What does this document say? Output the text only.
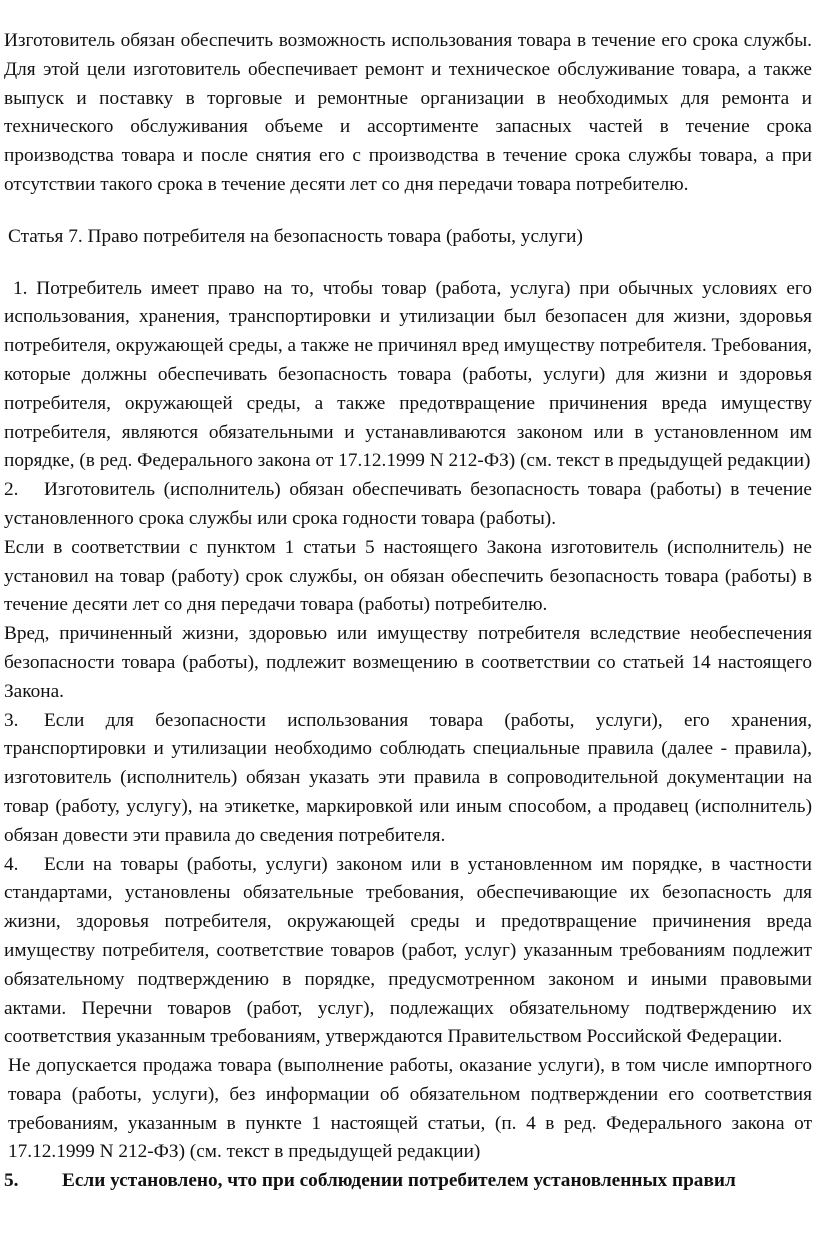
Изготовитель обязан обеспечить возможность использования товара в течение его срока службы. Для этой цели изготовитель обеспечивает ремонт и техническое обслуживание товара, а также выпуск и поставку в торговые и ремонтные организации в необходимых для ремонта и технического обслуживания объеме и ассортименте запасных частей в течение срока производства товара и после снятия его с производства в течение срока службы товара, а при отсутствии такого срока в течение десяти лет со дня передачи товара потребителю.

Статья 7. Право потребителя на безопасность товара (работы, услуги)

1. Потребитель имеет право на то, чтобы товар (работа, услуга) при обычных условиях его использования, хранения, транспортировки и утилизации был безопасен для жизни, здоровья потребителя, окружающей среды, а также не причинял вред имуществу потребителя. Требования, которые должны обеспечивать безопасность товара (работы, услуги) для жизни и здоровья потребителя, окружающей среды, а также предотвращение причинения вреда имуществу потребителя, являются обязательными и устанавливаются законом или в установленном им порядке, (в ред. Федерального закона от 17.12.1999 N 212-ФЗ) (см. текст в предыдущей редакции)

2. Изготовитель (исполнитель) обязан обеспечивать безопасность товара (работы) в течение установленного срока службы или срока годности товара (работы).

Если в соответствии с пунктом 1 статьи 5 настоящего Закона изготовитель (исполнитель) не установил на товар (работу) срок службы, он обязан обеспечить безопасность товара (работы) в течение десяти лет со дня передачи товара (работы) потребителю.

Вред, причиненный жизни, здоровью или имуществу потребителя вследствие необеспечения безопасности товара (работы), подлежит возмещению в соответствии со статьей 14 настоящего Закона.

3. Если для безопасности использования товара (работы, услуги), его хранения, транспортировки и утилизации необходимо соблюдать специальные правила (далее - правила), изготовитель (исполнитель) обязан указать эти правила в сопроводительной документации на товар (работу, услугу), на этикетке, маркировкой или иным способом, а продавец (исполнитель) обязан довести эти правила до сведения потребителя.

4. Если на товары (работы, услуги) законом или в установленном им порядке, в частности стандартами, установлены обязательные требования, обеспечивающие их безопасность для жизни, здоровья потребителя, окружающей среды и предотвращение причинения вреда имуществу потребителя, соответствие товаров (работ, услуг) указанным требованиям подлежит обязательному подтверждению в порядке, предусмотренном законом и иными правовыми актами. Перечни товаров (работ, услуг), подлежащих обязательному подтверждению их соответствия указанным требованиям, утверждаются Правительством Российской Федерации.

Не допускается продажа товара (выполнение работы, оказание услуги), в том числе импортного товара (работы, услуги), без информации об обязательном подтверждении его соответствия требованиям, указанным в пункте 1 настоящей статьи, (п. 4 в ред. Федерального закона от 17.12.1999 N 212-ФЗ) (см. текст в предыдущей редакции)

5. Если установлено, что при соблюдении потребителем установленных правил
